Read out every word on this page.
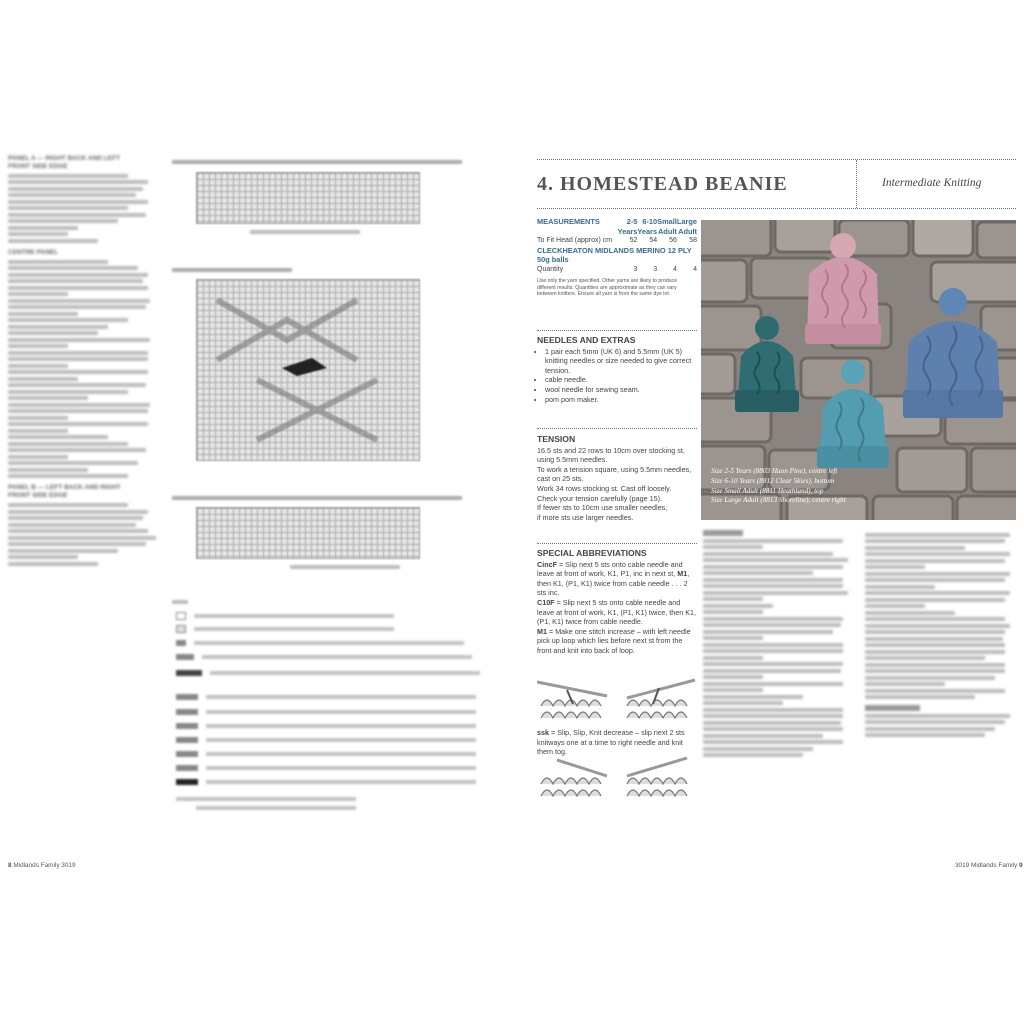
PANEL A — RIGHT BACK AND LEFT
FRONT SIDE EDGE
CENTRE PANEL
PANEL B — LEFT BACK AND RIGHT
FRONT SIDE EDGE
8 Midlands Family 3019
4. HOMESTEAD BEANIE	Intermediate Knitting
MEASUREMENTS	2-5	6-10	Small	Large
	Years	Years	Adult	Adult
To Fit Head (approx) cm	52	54	56	58
CLECKHEATON MIDLANDS MERINO 12 PLY				
50g balls				
Quantity	3	3	4	4
Use only the yarn specified. Other yarns are likely to produce different results. Quantities are approximate as they can vary between knitters. Ensure all yarn is from the same dye lot.
NEEDLES AND EXTRAS
• 1 pair each 5mm (UK 6) and 5.5mm (UK 5) knitting needles or size needed to give correct tension.
• cable needle.
• wool needle for sewing seam.
• pom pom maker.
TENSION

16.5 sts and 22 rows to 10cm over stocking st, using 5.5mm needles.

To work a tension square, using 5.5mm needles, cast on 25 sts.

Work 34 rows stocking st. Cast off loosely.

Check your tension carefully (page 15).

If fewer sts to 10cm use smaller needles,

if more sts use larger needles.

SPECIAL ABBREVIATIONS

CincF = Slip next 5 sts onto cable needle and leave at front of work, K1, P1, inc in next st, M1, then K1, (P1, K1) twice from cable needle . . . 2 sts inc.

C10F = Slip next 5 sts onto cable needle and leave at front of work, K1, (P1, K1) twice, then K1, (P1, K1) twice from cable needle.

M1 = Make one stitch increase – with left needle pick up loop which lies before next st from the front and knit into back of loop.

ssk = Slip, Slip, Knit decrease – slip next 2 sts knitways one at a time to right needle and knit them tog.

Size 2-5 Years (8803 Huon Pine), centre left
Size 6-10 Years (8812 Clear Skies), bottom
Size Small Adult (8811 Heathland), top
Size Large Adult (8813 Shoreline), centre right
3019 Midlands Family 9
